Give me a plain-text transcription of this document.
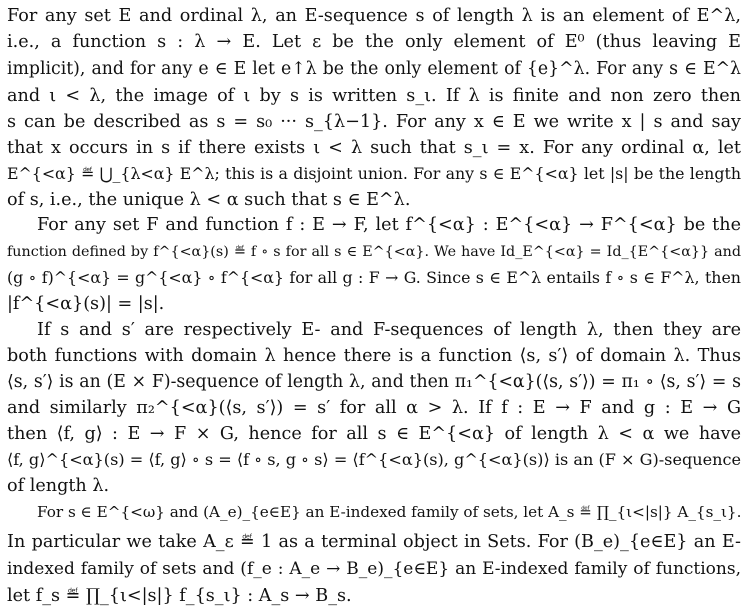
For any set E and ordinal λ, an E-sequence s of length λ is an element of E^λ,
i.e., a function s : λ → E. Let ε be the only element of E⁰ (thus leaving E
implicit), and for any e ∈ E let e↑λ be the only element of {e}^λ. For any s ∈ E^λ
and ι < λ, the image of ι by s is written s_ι. If λ is finite and non zero then
s can be described as s = s₀ ··· s_{λ−1}. For any x ∈ E we write x | s and say
that x occurs in s if there exists ι < λ such that s_ι = x. For any ordinal α, let
E^{<α} ≝ ⋃_{λ<α} E^λ; this is a disjoint union. For any s ∈ E^{<α} let |s| be the length
of s, i.e., the unique λ < α such that s ∈ E^λ.
For any set F and function f : E → F, let f^{<α} : E^{<α} → F^{<α} be the
function defined by f^{<α}(s) ≝ f ∘ s for all s ∈ E^{<α}. We have Id_E^{<α} = Id_{E^{<α}} and
(g ∘ f)^{<α} = g^{<α} ∘ f^{<α} for all g : F → G. Since s ∈ E^λ entails f ∘ s ∈ F^λ, then
|f^{<α}(s)| = |s|.
If s and s′ are respectively E- and F-sequences of length λ, then they are
both functions with domain λ hence there is a function ⟨s, s′⟩ of domain λ. Thus
⟨s, s′⟩ is an (E × F)-sequence of length λ, and then π₁^{<α}(⟨s, s′⟩) = π₁ ∘ ⟨s, s′⟩ = s
and similarly π₂^{<α}(⟨s, s′⟩) = s′ for all α > λ. If f : E → F and g : E → G
then ⟨f, g⟩ : E → F × G, hence for all s ∈ E^{<α} of length λ < α we have
⟨f, g⟩^{<α}(s) = ⟨f, g⟩ ∘ s = ⟨f ∘ s, g ∘ s⟩ = ⟨f^{<α}(s), g^{<α}(s)⟩ is an (F × G)-sequence
of length λ.
For s ∈ E^{<ω} and (A_e)_{e∈E} an E-indexed family of sets, let A_s ≝ ∏_{ι<|s|} A_{s_ι}.
In particular we take A_ε ≝ 1 as a terminal object in Sets. For (B_e)_{e∈E} an E-
indexed family of sets and (f_e : A_e → B_e)_{e∈E} an E-indexed family of functions,
let f_s ≝ ∏_{ι<|s|} f_{s_ι} : A_s → B_s.
